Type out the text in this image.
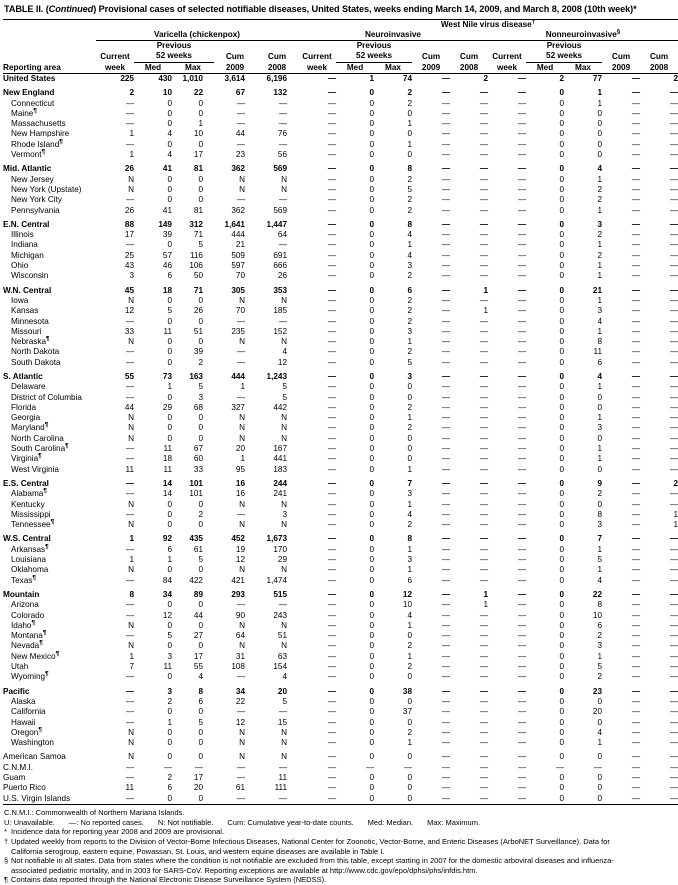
TABLE II. (Continued) Provisional cases of selected notifiable diseases, United States, weeks ending March 14, 2009, and March 8, 2008 (10th week)*
						West Nile virus disease†
	Varicella (chickenpox)					Neuroinvasive					Nonneuroinvasive§
		Previous					Previous					Previous			
	Current	52 weeks		Cum	Cum	Current	52 weeks		Cum	Cum	Current	52 weeks		Cum	Cum
Reporting area	week	Med	Max	2009	2008	week	Med	Max	2009	2008	week	Med	Max	2009	2008
United States	225	430	1,010	3,614	6,196	—	1	74	—	2	—	2	77	—	2

New England	2	10	22	67	132	—	0	2	—	—	—	0	1	—	—
Connecticut	—	0	0	—	—	—	0	2	—	—	—	0	1	—	—
Maine¶	—	0	0	—	—	—	0	0	—	—	—	0	0	—	—
Massachusetts	—	0	1	—	—	—	0	1	—	—	—	0	0	—	—
New Hampshire	1	4	10	44	76	—	0	0	—	—	—	0	0	—	—
Rhode Island¶	—	0	0	—	—	—	0	1	—	—	—	0	0	—	—
Vermont¶	1	4	17	23	56	—	0	0	—	—	—	0	0	—	—

Mid. Atlantic	26	41	81	362	569	—	0	8	—	—	—	0	4	—	—
New Jersey	N	0	0	N	N	—	0	2	—	—	—	0	1	—	—
New York (Upstate)	N	0	0	N	N	—	0	5	—	—	—	0	2	—	—
New York City	—	0	0	—	—	—	0	2	—	—	—	0	2	—	—
Pennsylvania	26	41	81	362	569	—	0	2	—	—	—	0	1	—	—

E.N. Central	88	149	312	1,641	1,447	—	0	8	—	—	—	0	3	—	—
Illinois	17	39	71	444	64	—	0	4	—	—	—	0	2	—	—
Indiana	—	0	5	21	—	—	0	1	—	—	—	0	1	—	—
Michigan	25	57	116	509	691	—	0	4	—	—	—	0	2	—	—
Ohio	43	46	106	597	666	—	0	3	—	—	—	0	1	—	—
Wisconsin	3	6	50	70	26	—	0	2	—	—	—	0	1	—	—

W.N. Central	45	18	71	305	353	—	0	6	—	1	—	0	21	—	—
Iowa	N	0	0	N	N	—	0	2	—	—	—	0	1	—	—
Kansas	12	5	26	70	185	—	0	2	—	1	—	0	3	—	—
Minnesota	—	0	0	—	—	—	0	2	—	—	—	0	4	—	—
Missouri	33	11	51	235	152	—	0	3	—	—	—	0	1	—	—
Nebraska¶	N	0	0	N	N	—	0	1	—	—	—	0	8	—	—
North Dakota	—	0	39	—	4	—	0	2	—	—	—	0	11	—	—
South Dakota	—	0	2	—	12	—	0	5	—	—	—	0	6	—	—

S. Atlantic	55	73	163	444	1,243	—	0	3	—	—	—	0	4	—	—
Delaware	—	1	5	1	5	—	0	0	—	—	—	0	1	—	—
District of Columbia	—	0	3	—	5	—	0	0	—	—	—	0	0	—	—
Florida	44	29	68	327	442	—	0	2	—	—	—	0	0	—	—
Georgia	N	0	0	N	N	—	0	1	—	—	—	0	1	—	—
Maryland¶	N	0	0	N	N	—	0	2	—	—	—	0	3	—	—
North Carolina	N	0	0	N	N	—	0	0	—	—	—	0	0	—	—
South Carolina¶	—	11	67	20	167	—	0	0	—	—	—	0	1	—	—
Virginia¶	—	18	60	1	441	—	0	0	—	—	—	0	1	—	—
West Virginia	11	11	33	95	183	—	0	1	—	—	—	0	0	—	—

E.S. Central	—	14	101	16	244	—	0	7	—	—	—	0	9	—	2
Alabama¶	—	14	101	16	241	—	0	3	—	—	—	0	2	—	—
Kentucky	N	0	0	N	N	—	0	1	—	—	—	0	0	—	—
Mississippi	—	0	2	—	3	—	0	4	—	—	—	0	8	—	1
Tennessee¶	N	0	0	N	N	—	0	2	—	—	—	0	3	—	1

W.S. Central	1	92	435	452	1,673	—	0	8	—	—	—	0	7	—	—
Arkansas¶	—	6	61	19	170	—	0	1	—	—	—	0	1	—	—
Louisiana	1	1	5	12	29	—	0	3	—	—	—	0	5	—	—
Oklahoma	N	0	0	N	N	—	0	1	—	—	—	0	1	—	—
Texas¶	—	84	422	421	1,474	—	0	6	—	—	—	0	4	—	—

Mountain	8	34	89	293	515	—	0	12	—	1	—	0	22	—	—
Arizona	—	0	0	—	—	—	0	10	—	1	—	0	8	—	—
Colorado	—	12	44	90	243	—	0	4	—	—	—	0	10	—	—
Idaho¶	N	0	0	N	N	—	0	1	—	—	—	0	6	—	—
Montana¶	—	5	27	64	51	—	0	0	—	—	—	0	2	—	—
Nevada¶	N	0	0	N	N	—	0	2	—	—	—	0	3	—	—
New Mexico¶	1	3	17	31	63	—	0	1	—	—	—	0	1	—	—
Utah	7	11	55	108	154	—	0	2	—	—	—	0	5	—	—
Wyoming¶	—	0	4	—	4	—	0	0	—	—	—	0	2	—	—

Pacific	—	3	8	34	20	—	0	38	—	—	—	0	23	—	—
Alaska	—	2	6	22	5	—	0	0	—	—	—	0	0	—	—
California	—	0	0	—	—	—	0	37	—	—	—	0	20	—	—
Hawaii	—	1	5	12	15	—	0	0	—	—	—	0	0	—	—
Oregon¶	N	0	0	N	N	—	0	2	—	—	—	0	4	—	—
Washington	N	0	0	N	N	—	0	1	—	—	—	0	1	—	—

American Samoa	N	0	0	N	N	—	0	0	—	—	—	0	0	—	—
C.N.M.I.	—	—	—	—	—	—	—	—	—	—	—	—	—	—	—
Guam	—	2	17	—	11	—	0	0	—	—	—	0	0	—	—
Puerto Rico	11	6	20	61	111	—	0	0	—	—	—	0	0	—	—
U.S. Virgin Islands	—	0	0	—	—	—	0	0	—	—	—	0	0	—	—
C.N.M.I.: Commonwealth of Northern Mariana Islands.
U: Unavailable. —: No reported cases. N: Not notifiable. Cum: Cumulative year-to-date counts. Med: Median. Max: Maximum.
* Incidence data for reporting year 2008 and 2009 are provisional.
† Updated weekly from reports to the Division of Vector-Borne Infectious Diseases, National Center for Zoonotic, Vector-Borne, and Enteric Diseases (ArboNET Surveillance). Data for California serogroup, eastern equine, Powassan, St. Louis, and western equine diseases are available in Table I.
§ Not notifiable in all states. Data from states where the condition is not notifiable are excluded from this table, except starting in 2007 for the domestic arboviral diseases and influenza-associated pediatric mortality, and in 2003 for SARS-CoV. Reporting exceptions are available at http://www.cdc.gov/epo/dphsi/phs/infdis.htm.
¶ Contains data reported through the National Electronic Disease Surveillance System (NEDSS).
